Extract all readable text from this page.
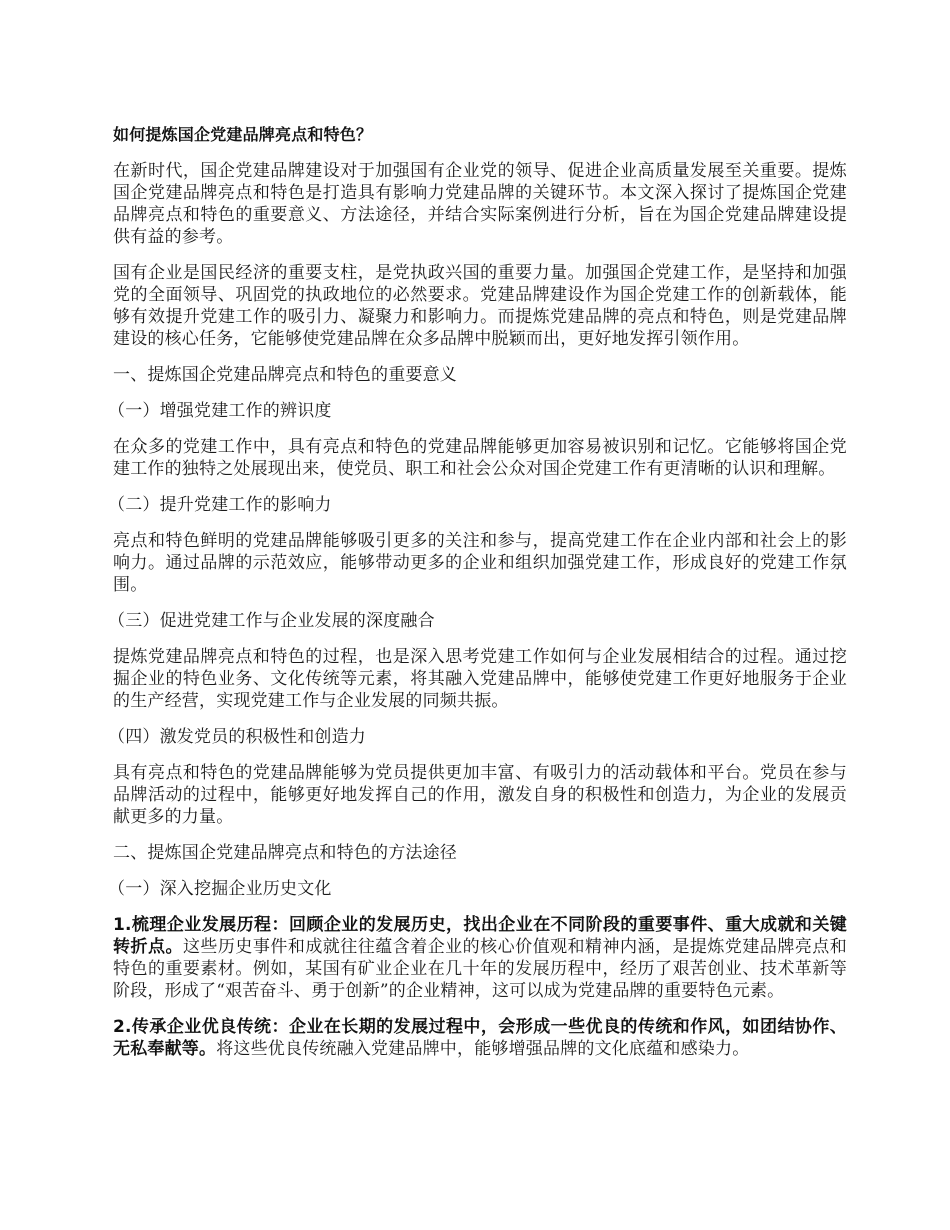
如何提炼国企党建品牌亮点和特色？

在新时代，国企党建品牌建设对于加强国有企业党的领导、促进企业高质量发展至关重要。提炼国企党建品牌亮点和特色是打造具有影响力党建品牌的关键环节。本文深入探讨了提炼国企党建品牌亮点和特色的重要意义、方法途径，并结合实际案例进行分析，旨在为国企党建品牌建设提供有益的参考。

国有企业是国民经济的重要支柱，是党执政兴国的重要力量。加强国企党建工作，是坚持和加强党的全面领导、巩固党的执政地位的必然要求。党建品牌建设作为国企党建工作的创新载体，能够有效提升党建工作的吸引力、凝聚力和影响力。而提炼党建品牌的亮点和特色，则是党建品牌建设的核心任务，它能够使党建品牌在众多品牌中脱颖而出，更好地发挥引领作用。

一、提炼国企党建品牌亮点和特色的重要意义
（一）增强党建工作的辨识度

在众多的党建工作中，具有亮点和特色的党建品牌能够更加容易被识别和记忆。它能够将国企党建工作的独特之处展现出来，使党员、职工和社会公众对国企党建工作有更清晰的认识和理解。

（二）提升党建工作的影响力

亮点和特色鲜明的党建品牌能够吸引更多的关注和参与，提高党建工作在企业内部和社会上的影响力。通过品牌的示范效应，能够带动更多的企业和组织加强党建工作，形成良好的党建工作氛围。

（三）促进党建工作与企业发展的深度融合

提炼党建品牌亮点和特色的过程，也是深入思考党建工作如何与企业发展相结合的过程。通过挖掘企业的特色业务、文化传统等元素，将其融入党建品牌中，能够使党建工作更好地服务于企业的生产经营，实现党建工作与企业发展的同频共振。

（四）激发党员的积极性和创造力

具有亮点和特色的党建品牌能够为党员提供更加丰富、有吸引力的活动载体和平台。党员在参与品牌活动的过程中，能够更好地发挥自己的作用，激发自身的积极性和创造力，为企业的发展贡献更多的力量。

二、提炼国企党建品牌亮点和特色的方法途径
（一）深入挖掘企业历史文化

1.梳理企业发展历程：回顾企业的发展历史，找出企业在不同阶段的重要事件、重大成就和关键转折点。这些历史事件和成就往往蕴含着企业的核心价值观和精神内涵，是提炼党建品牌亮点和特色的重要素材。例如，某国有矿业企业在几十年的发展历程中，经历了艰苦创业、技术革新等阶段，形成了“艰苦奋斗、勇于创新”的企业精神，这可以成为党建品牌的重要特色元素。

2.传承企业优良传统：企业在长期的发展过程中，会形成一些优良的传统和作风，如团结协作、无私奉献等。将这些优良传统融入党建品牌中，能够增强品牌的文化底蕴和感染力。
